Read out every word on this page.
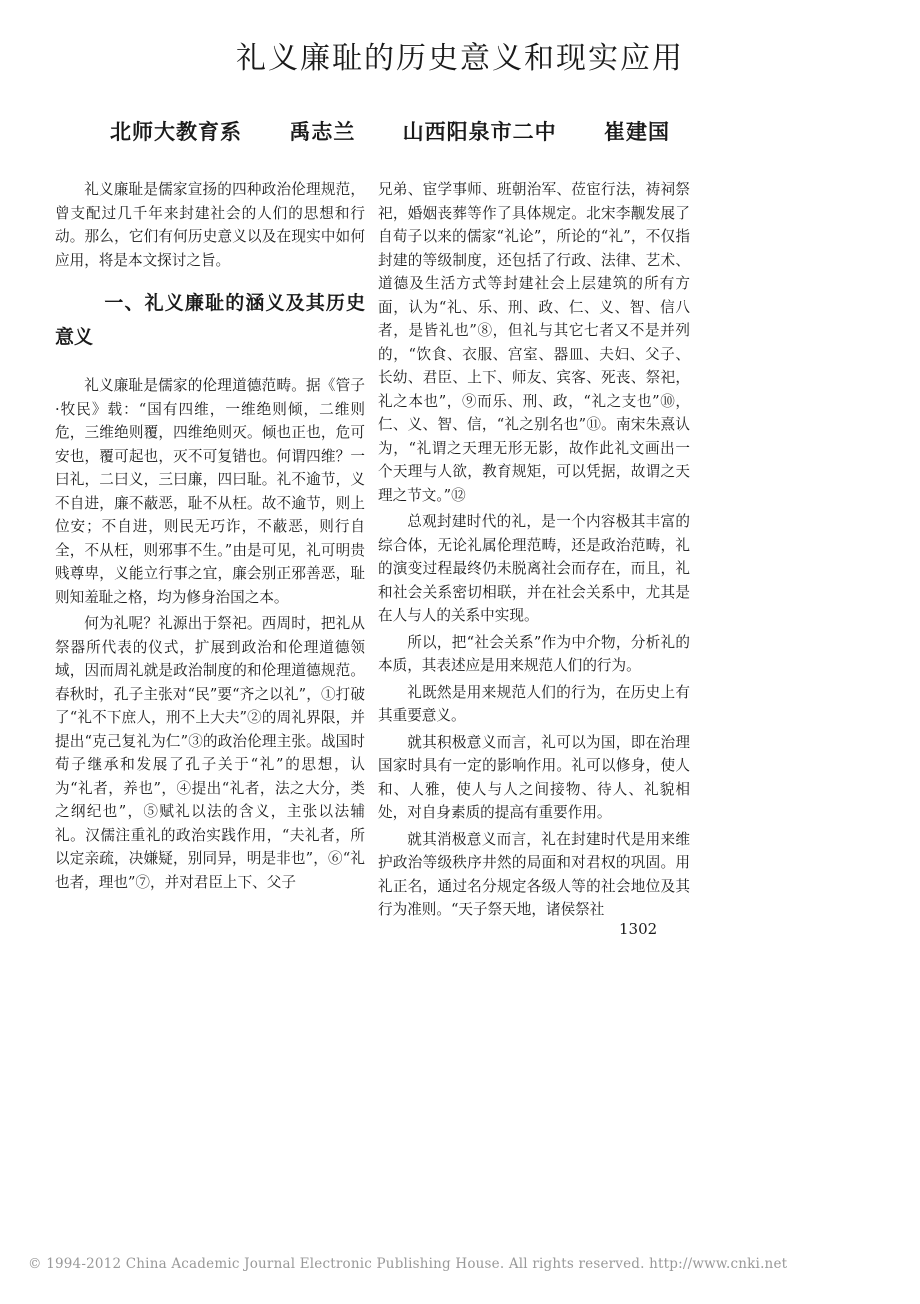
礼义廉耻的历史意义和现实应用
北师大教育系 禹志兰 山西阳泉市二中 崔建国

礼义廉耻是儒家宣扬的四种政治伦理规范，曾支配过几千年来封建社会的人们的思想和行动。那么，它们有何历史意义以及在现实中如何应用，将是本文探讨之旨。

一、礼义廉耻的涵义及其历史意义

礼义廉耻是儒家的伦理道德范畴。据《管子·牧民》载：“国有四维，一维绝则倾，二维则危，三维绝则覆，四维绝则灭。倾也正也，危可安也，覆可起也，灭不可复错也。何谓四维？一曰礼，二曰义，三曰廉，四曰耻。礼不逾节，义不自进，廉不蔽恶，耻不从枉。故不逾节，则上位安；不自进，则民无巧诈，不蔽恶，则行自全，不从枉，则邪事不生。”由是可见，礼可明贵贱尊卑，义能立行事之宜，廉会别正邪善恶，耻则知羞耻之格，均为修身治国之本。

何为礼呢？礼源出于祭祀。西周时，把礼从祭器所代表的仪式，扩展到政治和伦理道德领域，因而周礼就是政治制度的和伦理道德规范。春秋时，孔子主张对“民”要“齐之以礼”，①打破了“礼不下庶人，刑不上大夫”②的周礼界限，并提出“克己复礼为仁”③的政治伦理主张。战国时荀子继承和发展了孔子关于“礼”的思想，认为“礼者，养也”，④提出“礼者，法之大分，类之纲纪也”，⑤赋礼以法的含义，主张以法辅礼。汉儒注重礼的政治实践作用，“夫礼者，所以定亲疏，决嫌疑，别同异，明是非也”，⑥“礼也者，理也”⑦，并对君臣上下、父子

兄弟、宦学事师、班朝治军、莅宦行法，祷祠祭祀，婚姻丧葬等作了具体规定。北宋李觏发展了自荀子以来的儒家“礼论”，所论的“礼”，不仅指封建的等级制度，还包括了行政、法律、艺术、道德及生活方式等封建社会上层建筑的所有方面，认为“礼、乐、刑、政、仁、义、智、信八者，是皆礼也”⑧，但礼与其它七者又不是并列的，“饮食、衣服、宫室、器皿、夫妇、父子、长幼、君臣、上下、师友、宾客、死丧、祭祀，礼之本也”，⑨而乐、刑、政，“礼之支也”⑩，仁、义、智、信，“礼之别名也”⑪。南宋朱熹认为，“礼谓之天理无形无影，故作此礼文画出一个天理与人欲，教育规矩，可以凭据，故谓之天理之节文。”⑫

总观封建时代的礼，是一个内容极其丰富的综合体，无论礼属伦理范畴，还是政治范畴，礼的演变过程最终仍未脱离社会而存在，而且，礼和社会关系密切相联，并在社会关系中，尤其是在人与人的关系中实现。

所以，把“社会关系”作为中介物，分析礼的本质，其表述应是用来规范人们的行为。

礼既然是用来规范人们的行为，在历史上有其重要意义。

就其积极意义而言，礼可以为国，即在治理国家时具有一定的影响作用。礼可以修身，使人和、人雅，使人与人之间接物、待人、礼貌相处，对自身素质的提高有重要作用。

就其消极意义而言，礼在封建时代是用来维护政治等级秩序井然的局面和对君权的巩固。用礼正名，通过名分规定各级人等的社会地位及其行为准则。“天子祭天地，诸侯祭社

1302
© 1994-2012 China Academic Journal Electronic Publishing House. All rights reserved. http://www.cnki.net
